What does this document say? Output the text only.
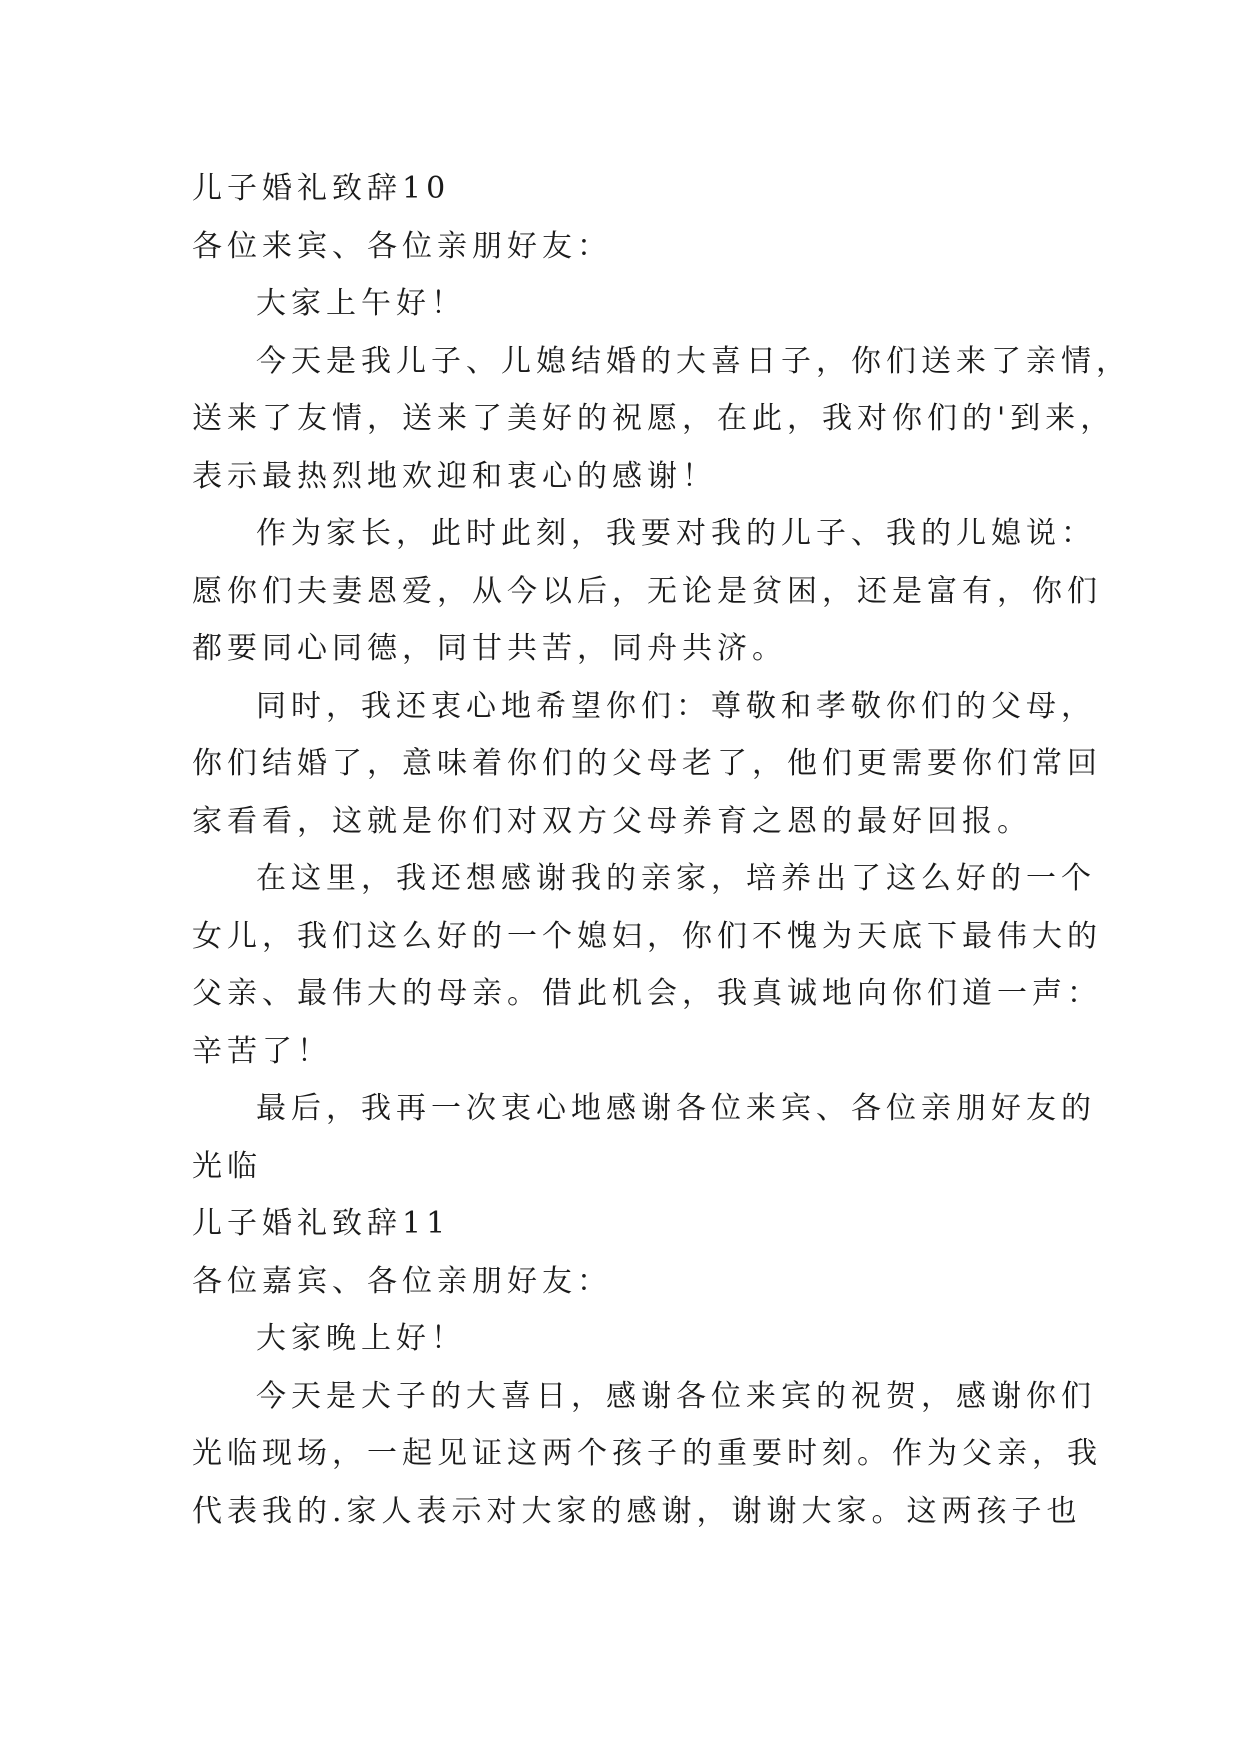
儿子婚礼致辞10
各位来宾、各位亲朋好友：
大家上午好！
今天是我儿子、儿媳结婚的大喜日子，你们送来了亲情，
送来了友情，送来了美好的祝愿，在此，我对你们的'到来，
表示最热烈地欢迎和衷心的感谢！
作为家长，此时此刻，我要对我的儿子、我的儿媳说：
愿你们夫妻恩爱，从今以后，无论是贫困，还是富有，你们
都要同心同德，同甘共苦，同舟共济。
同时，我还衷心地希望你们：尊敬和孝敬你们的父母，
你们结婚了，意味着你们的父母老了，他们更需要你们常回
家看看，这就是你们对双方父母养育之恩的最好回报。
在这里，我还想感谢我的亲家，培养出了这么好的一个
女儿，我们这么好的一个媳妇，你们不愧为天底下最伟大的
父亲、最伟大的母亲。借此机会，我真诚地向你们道一声：
辛苦了！
最后，我再一次衷心地感谢各位来宾、各位亲朋好友的
光临
儿子婚礼致辞11
各位嘉宾、各位亲朋好友：
大家晚上好！
今天是犬子的大喜日，感谢各位来宾的祝贺，感谢你们
光临现场，一起见证这两个孩子的重要时刻。作为父亲，我
代表我的.家人表示对大家的感谢，谢谢大家。这两孩子也
